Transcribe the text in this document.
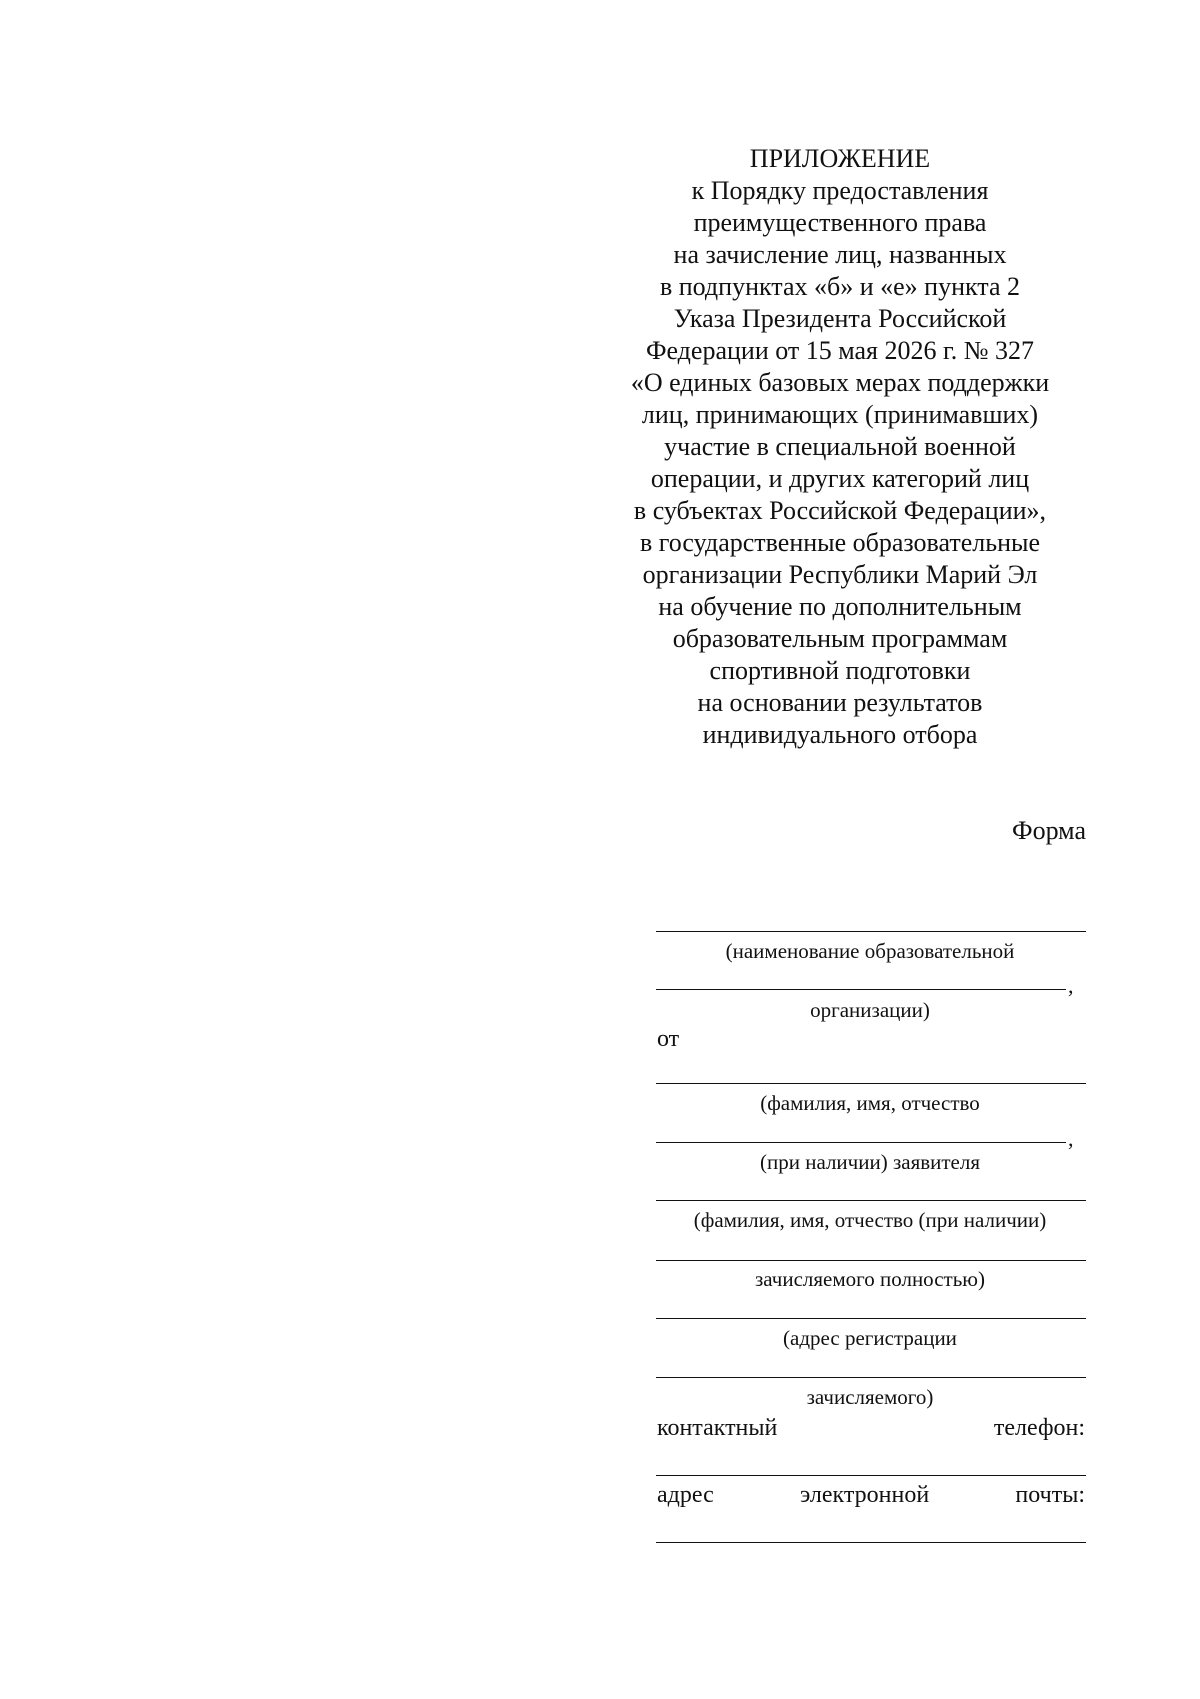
ПРИЛОЖЕНИЕ
к Порядку предоставления
преимущественного права
на зачисление лиц, названных
в подпунктах «б» и «е» пункта 2
Указа Президента Российской
Федерации от 15 мая 2026 г. № 327
«О единых базовых мерах поддержки
лиц, принимающих (принимавших)
участие в специальной военной
операции, и других категорий лиц
в субъектах Российской Федерации»,
в государственные образовательные
организации Республики Марий Эл
на обучение по дополнительным
образовательным программам
спортивной подготовки
на основании результатов
индивидуального отбора
Форма
(наименование образовательной
,
организации)
от
(фамилия, имя, отчество
,
(при наличии) заявителя
(фамилия, имя, отчество (при наличии)
зачисляемого полностью)
(адрес регистрации
зачисляемого)
контактный	телефон:
адрес	электронной	почты:
